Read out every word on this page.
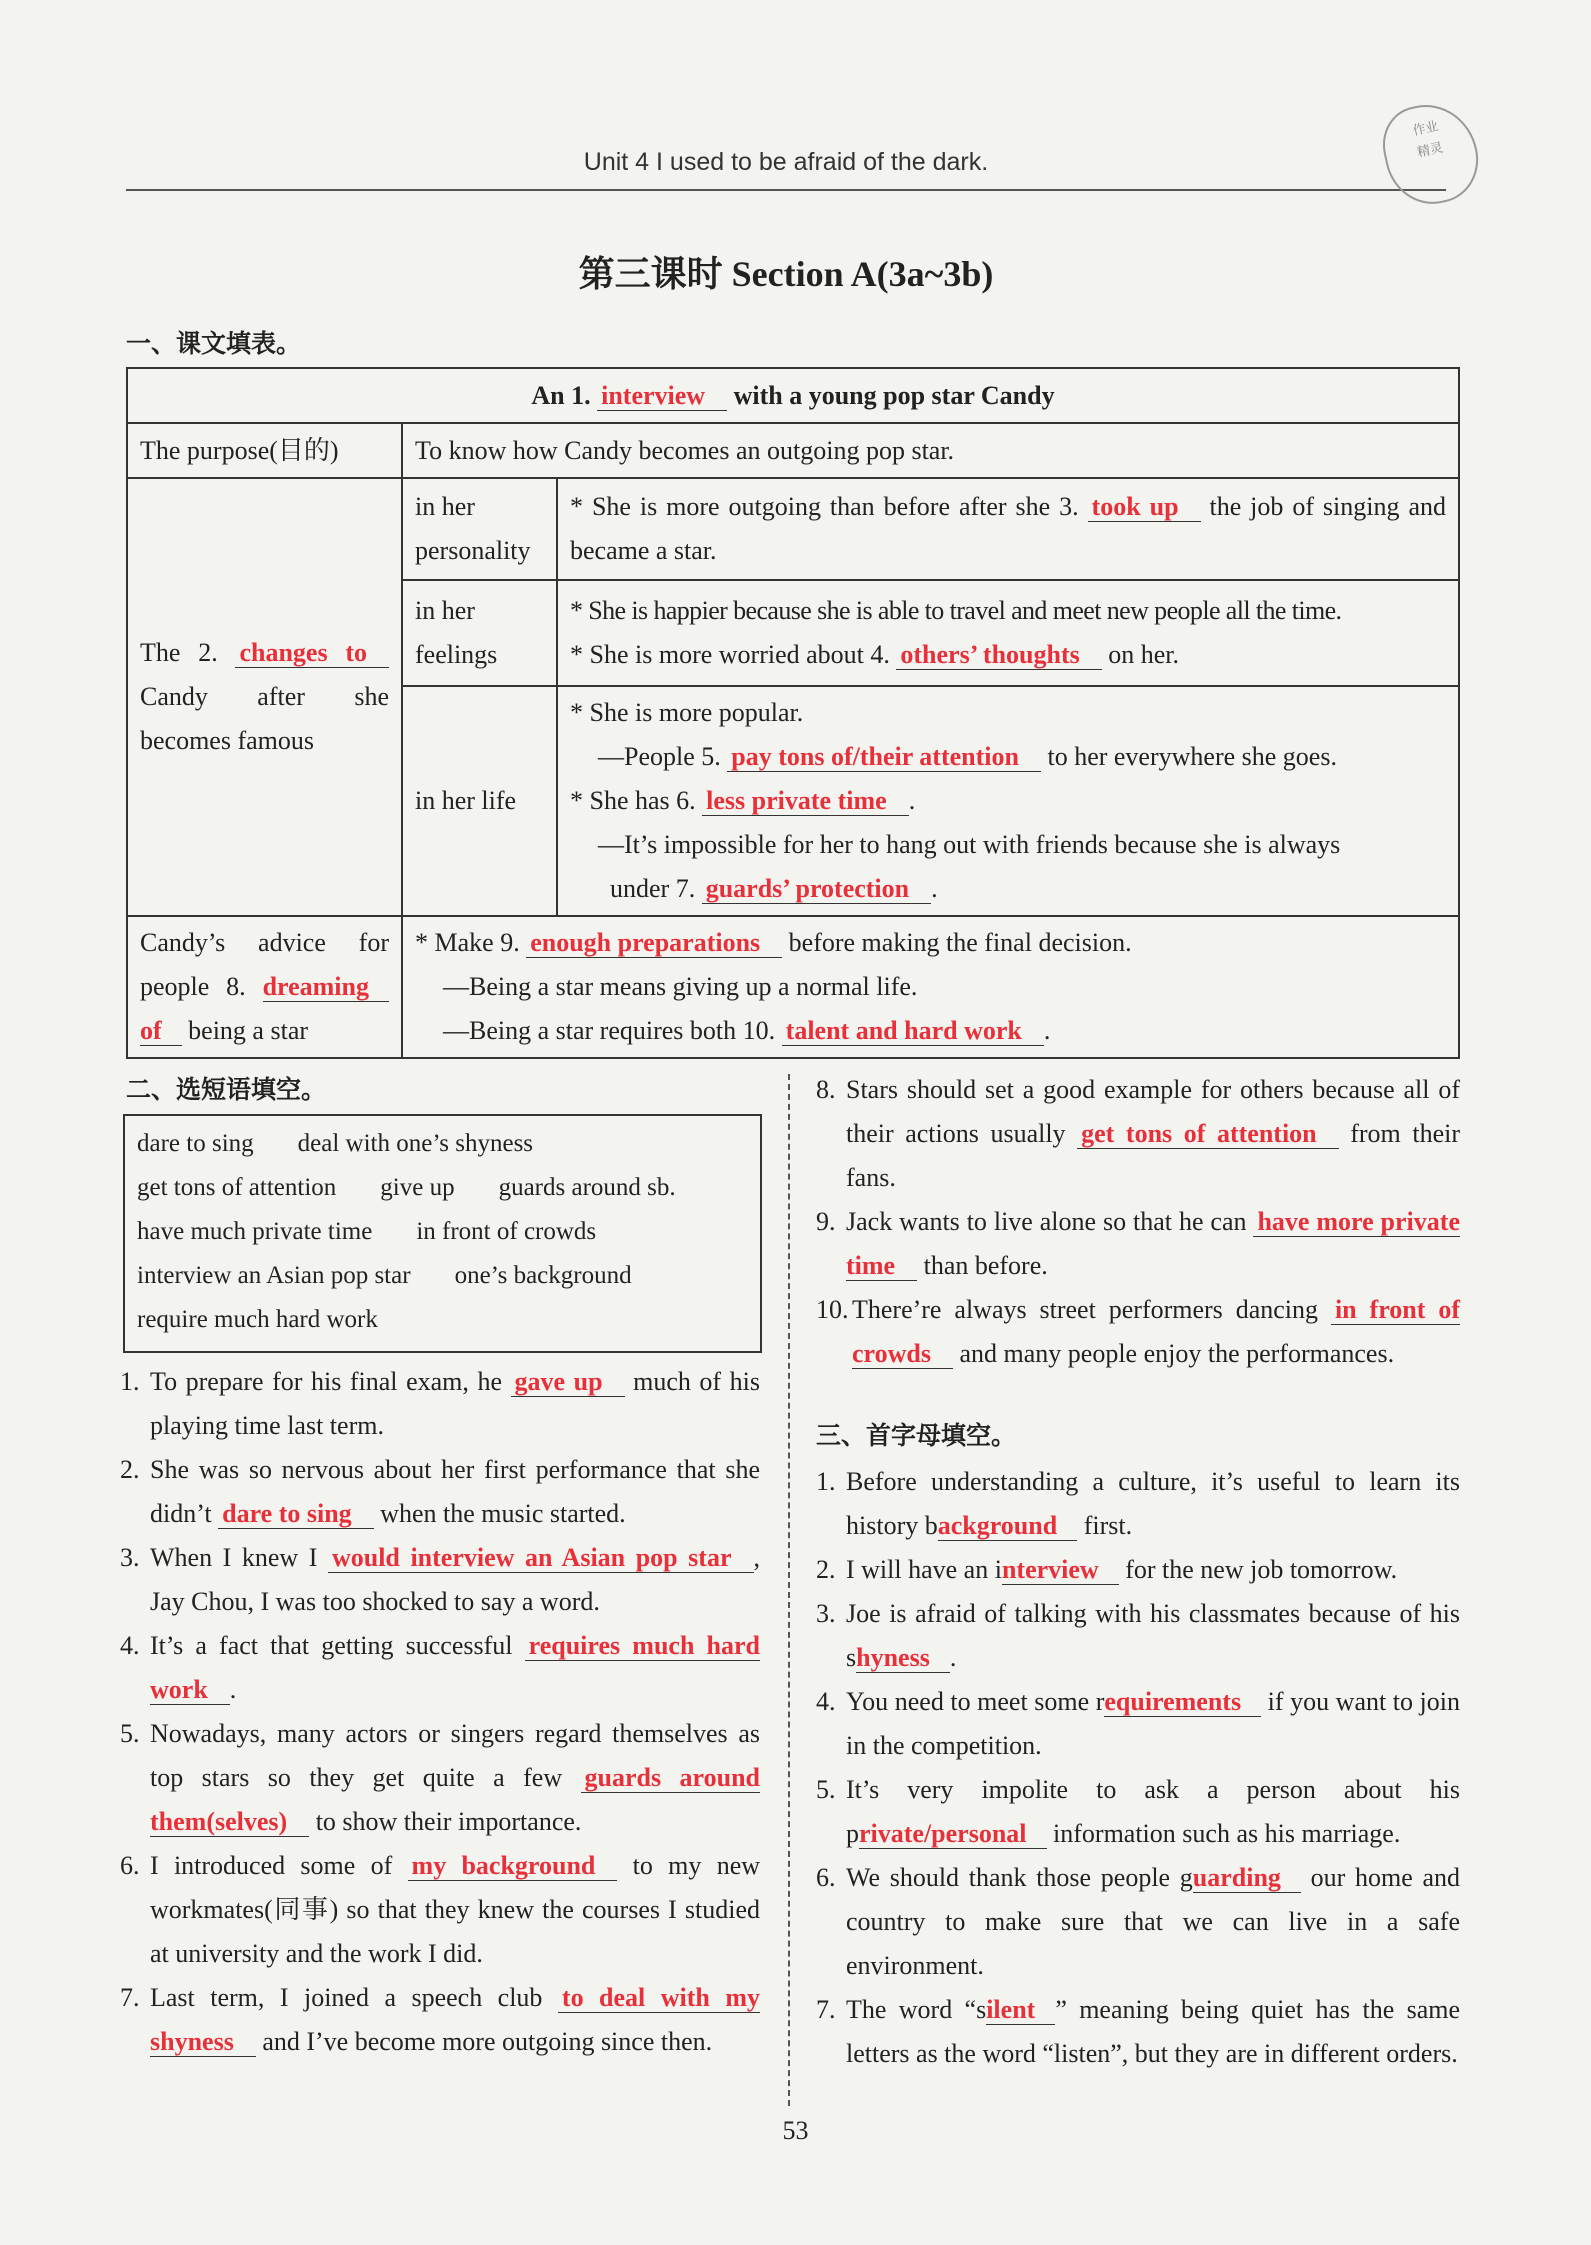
Unit 4 I used to be afraid of the dark.
作业
精灵
第三课时 Section A(3a~3b)
一、课文填表。
An 1. interview with a young pop star Candy		
The purpose(目的)	To know how Candy becomes an outgoing pop star.	
The 2. changes to Candy after she becomes famous	in her personality	* She is more outgoing than before after she 3. took up the job of singing and became a star.
	in her feelings	* She is happier because she is able to travel and meet new people all the time.
* She is more worried about 4. others’ thoughts on her.

	in her life	* She is more popular.
—People 5. pay tons of/their attention to her everywhere she goes.
* She has 6. less private time .
—It’s impossible for her to hang out with friends because she is always
under 7. guards’ protection .

Candy’s advice for people 8. dreaming of being a star	* Make 9. enough preparations before making the final decision.
—Being a star means giving up a normal life.
—Being a star requires both 10. talent and hard work .	
二、选短语填空。
dare to sing deal with one’s shynessget tons of attention give up guards around sb.have much private time in front of crowdsinterview an Asian pop star one’s backgroundrequire much hard work
1. To prepare for his final exam, he gave up much of his playing time last term.
2. She was so nervous about her first performance that she didn’t dare to sing when the music started.
3. When I knew I would interview an Asian pop star , Jay Chou, I was too shocked to say a word.
4. It’s a fact that getting successful requires much hard work .
5. Nowadays, many actors or singers regard themselves as top stars so they get quite a few guards around them(selves) to show their importance.
6. I introduced some of my background to my new workmates(同事) so that they knew the courses I studied at university and the work I did.
7. Last term, I joined a speech club to deal with my shyness and I’ve become more outgoing since then.
8. Stars should set a good example for others because all of their actions usually get tons of attention from their fans.
9. Jack wants to live alone so that he can have more private time than before.
10. There’re always street performers dancing in front of crowds and many people enjoy the performances.
三、首字母填空。
1. Before understanding a culture, it’s useful to learn its history background first.
2. I will have an interview for the new job tomorrow.
3. Joe is afraid of talking with his classmates because of his shyness .
4. You need to meet some requirements if you want to join in the competition.
5. It’s very impolite to ask a person about his private/personal information such as his marriage.
6. We should thank those people guarding our home and country to make sure that we can live in a safe environment.
7. The word “silent ” meaning being quiet has the same letters as the word “listen”, but they are in different orders.
53
